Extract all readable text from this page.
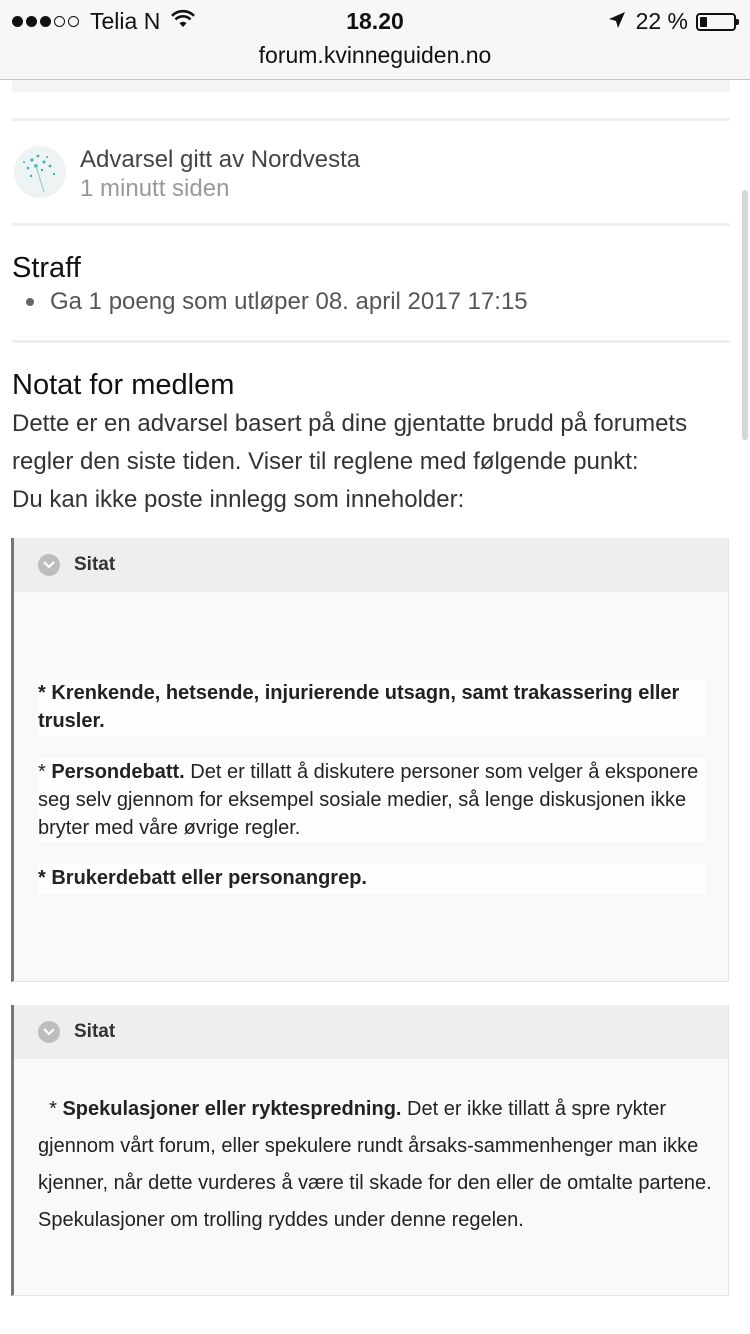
Telia N	18.20	22 %
forum.kvinneguiden.no
Advarsel gitt av Nordvesta
1 minutt siden
Straff
Ga 1 poeng som utløper 08. april 2017 17:15
Notat for medlem
Dette er en advarsel basert på dine gjentatte brudd på forumets
regler den siste tiden. Viser til reglene med følgende punkt:
Du kan ikke poste innlegg som inneholder:
Sitat
* Krenkende, hetsende, injurierende utsagn, samt trakassering eller trusler.
* Persondebatt. Det er tillatt å diskutere personer som velger å eksponere seg selv gjennom for eksempel sosiale medier, så lenge diskusjonen ikke bryter med våre øvrige regler.
* Brukerdebatt eller personangrep.
Sitat
* Spekulasjoner eller ryktespredning. Det er ikke tillatt å spre rykter gjennom vårt forum, eller spekulere rundt årsaks-sammenhenger man ikke kjenner, når dette vurderes å være til skade for den eller de omtalte partene. Spekulasjoner om trolling ryddes under denne regelen.
